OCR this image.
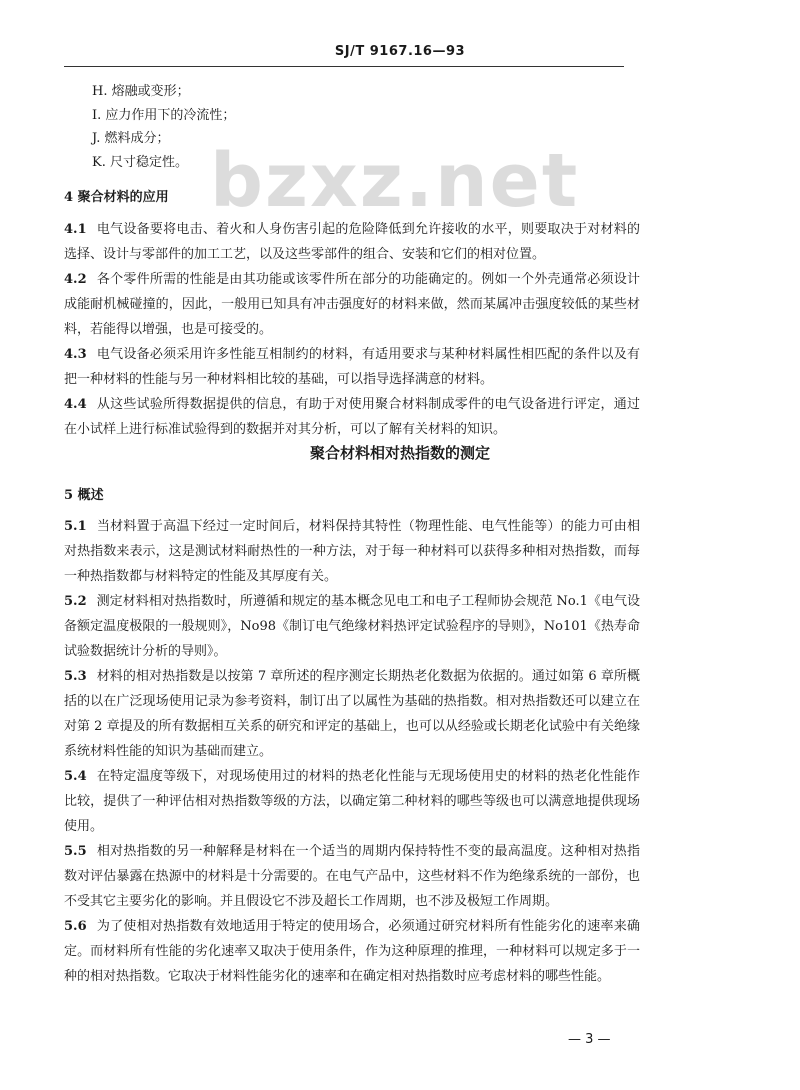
SJ/T 9167.16—93
bzxz.net
H. 熔融或变形；
I. 应力作用下的冷流性；
J. 燃料成分；
K. 尺寸稳定性。
4 聚合材料的应用

4.1 电气设备要将电击、着火和人身伤害引起的危险降低到允许接收的水平，则要取决于对材料的选择、设计与零部件的加工工艺，以及这些零部件的组合、安装和它们的相对位置。

4.2 各个零件所需的性能是由其功能或该零件所在部分的功能确定的。例如一个外壳通常必须设计成能耐机械碰撞的，因此，一般用已知具有冲击强度好的材料来做，然而某属冲击强度较低的某些材料，若能得以增强，也是可接受的。

4.3 电气设备必须采用许多性能互相制约的材料，有适用要求与某种材料属性相匹配的条件以及有把一种材料的性能与另一种材料相比较的基础，可以指导选择满意的材料。

4.4 从这些试验所得数据提供的信息，有助于对使用聚合材料制成零件的电气设备进行评定，通过在小试样上进行标准试验得到的数据并对其分析，可以了解有关材料的知识。

聚合材料相对热指数的测定
5 概述

5.1 当材料置于高温下经过一定时间后，材料保持其特性（物理性能、电气性能等）的能力可由相对热指数来表示，这是测试材料耐热性的一种方法，对于每一种材料可以获得多种相对热指数，而每一种热指数都与材料特定的性能及其厚度有关。

5.2 测定材料相对热指数时，所遵循和规定的基本概念见电工和电子工程师协会规范 No.1《电气设备额定温度极限的一般规则》，No98《制订电气绝缘材料热评定试验程序的导则》，No101《热寿命试验数据统计分析的导则》。

5.3 材料的相对热指数是以按第 7 章所述的程序测定长期热老化数据为依据的。通过如第 6 章所概括的以在广泛现场使用记录为参考资料，制订出了以属性为基础的热指数。相对热指数还可以建立在对第 2 章提及的所有数据相互关系的研究和评定的基础上，也可以从经验或长期老化试验中有关绝缘系统材料性能的知识为基础而建立。

5.4 在特定温度等级下，对现场使用过的材料的热老化性能与无现场使用史的材料的热老化性能作比较，提供了一种评估相对热指数等级的方法，以确定第二种材料的哪些等级也可以满意地提供现场使用。

5.5 相对热指数的另一种解释是材料在一个适当的周期内保持特性不变的最高温度。这种相对热指数对评估暴露在热源中的材料是十分需要的。在电气产品中，这些材料不作为绝缘系统的一部份，也不受其它主要劣化的影响。并且假设它不涉及超长工作周期，也不涉及极短工作周期。

5.6 为了使相对热指数有效地适用于特定的使用场合，必须通过研究材料所有性能劣化的速率来确定。而材料所有性能的劣化速率又取决于使用条件，作为这种原理的推理，一种材料可以规定多于一种的相对热指数。它取决于材料性能劣化的速率和在确定相对热指数时应考虑材料的哪些性能。

— 3 —
